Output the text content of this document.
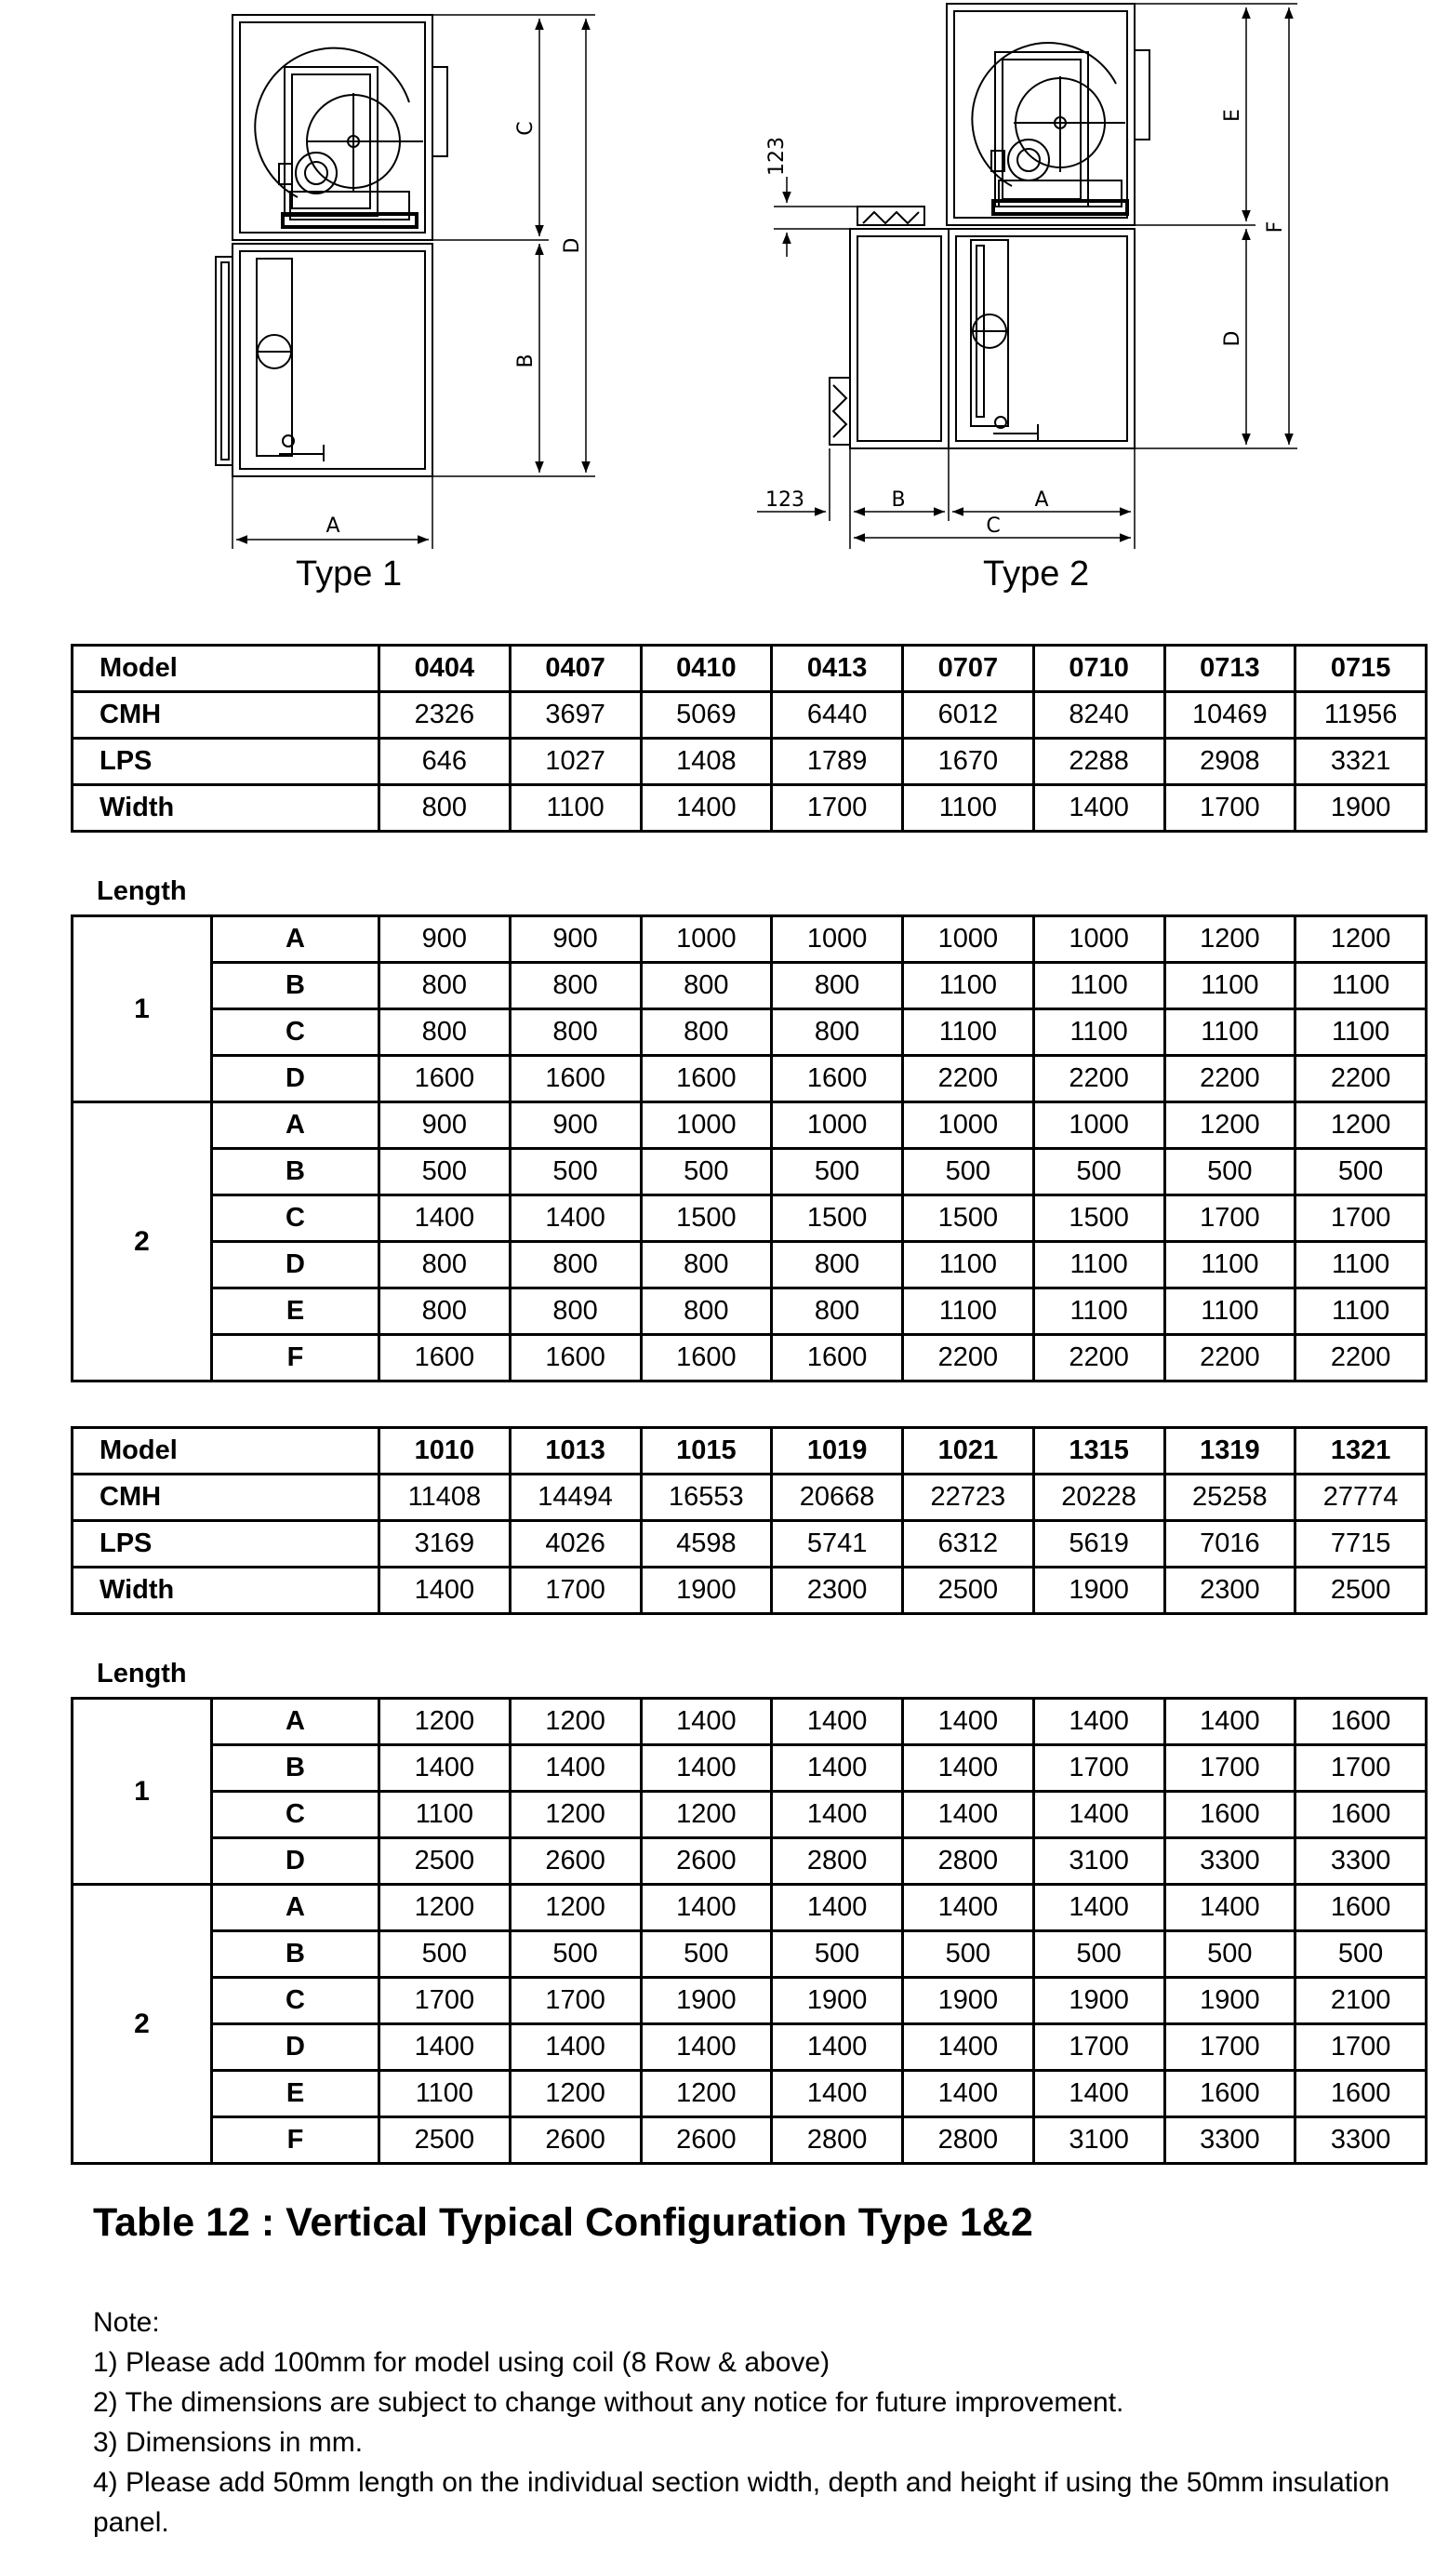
C
B
D
A
E
D
F
123
123	B	A
C
Type 1	Type 2
Model	0404	0407	0410	0413	0707	0710	0713	0715
CMH	2326	3697	5069	6440	6012	8240	10469	11956
LPS	646	1027	1408	1789	1670	2288	2908	3321
Width	800	1100	1400	1700	1100	1400	1700	1900
Length
1	A	900	900	1000	1000	1000	1000	1200	1200
	B	800	800	800	800	1100	1100	1100	1100
	C	800	800	800	800	1100	1100	1100	1100
	D	1600	1600	1600	1600	2200	2200	2200	2200
2	A	900	900	1000	1000	1000	1000	1200	1200
	B	500	500	500	500	500	500	500	500
	C	1400	1400	1500	1500	1500	1500	1700	1700
	D	800	800	800	800	1100	1100	1100	1100
	E	800	800	800	800	1100	1100	1100	1100
	F	1600	1600	1600	1600	2200	2200	2200	2200
Model	1010	1013	1015	1019	1021	1315	1319	1321
CMH	11408	14494	16553	20668	22723	20228	25258	27774
LPS	3169	4026	4598	5741	6312	5619	7016	7715
Width	1400	1700	1900	2300	2500	1900	2300	2500
Length
1	A	1200	1200	1400	1400	1400	1400	1400	1600
	B	1400	1400	1400	1400	1400	1700	1700	1700
	C	1100	1200	1200	1400	1400	1400	1600	1600
	D	2500	2600	2600	2800	2800	3100	3300	3300
2	A	1200	1200	1400	1400	1400	1400	1400	1600
	B	500	500	500	500	500	500	500	500
	C	1700	1700	1900	1900	1900	1900	1900	2100
	D	1400	1400	1400	1400	1400	1700	1700	1700
	E	1100	1200	1200	1400	1400	1400	1600	1600
	F	2500	2600	2600	2800	2800	3100	3300	3300
Table 12 : Vertical Typical Configuration Type 1&2
Note:
1) Please add 100mm for model using coil (8 Row & above)
2) The dimensions are subject to change without any notice for future improvement.
3) Dimensions in mm.
4) Please add 50mm length on the individual section width, depth and height if using the 50mm insulation panel.
